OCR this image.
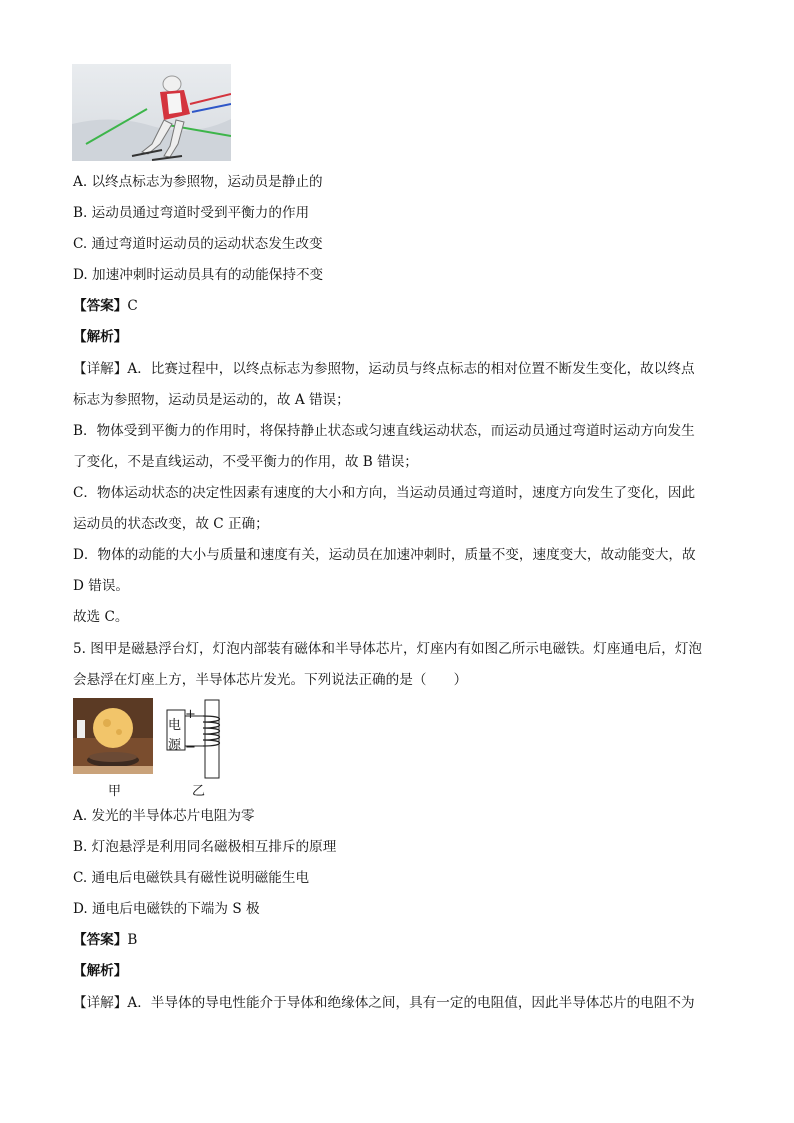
A. 以终点标志为参照物，运动员是静止的
B. 运动员通过弯道时受到平衡力的作用
C. 通过弯道时运动员的运动状态发生改变
D. 加速冲刺时运动员具有的动能保持不变
【答案】C
【解析】
【详解】A．比赛过程中，以终点标志为参照物，运动员与终点标志的相对位置不断发生变化，故以终点
标志为参照物，运动员是运动的，故 A 错误；
B．物体受到平衡力的作用时，将保持静止状态或匀速直线运动状态，而运动员通过弯道时运动方向发生
了变化，不是直线运动，不受平衡力的作用，故 B 错误；
C．物体运动状态的决定性因素有速度的大小和方向，当运动员通过弯道时，速度方向发生了变化，因此
运动员的状态改变，故 C 正确；
D．物体的动能的大小与质量和速度有关，运动员在加速冲刺时，质量不变，速度变大，故动能变大，故
D 错误。
故选 C。
5. 图甲是磁悬浮台灯，灯泡内部装有磁体和半导体芯片，灯座内有如图乙所示电磁铁。灯座通电后，灯泡
会悬浮在灯座上方，半导体芯片发光。下列说法正确的是（　　）
电
源
+
−
甲	乙
A. 发光的半导体芯片电阻为零
B. 灯泡悬浮是利用同名磁极相互排斥的原理
C. 通电后电磁铁具有磁性说明磁能生电
D. 通电后电磁铁的下端为 S 极
【答案】B
【解析】
【详解】A．半导体的导电性能介于导体和绝缘体之间，具有一定的电阻值，因此半导体芯片的电阻不为
